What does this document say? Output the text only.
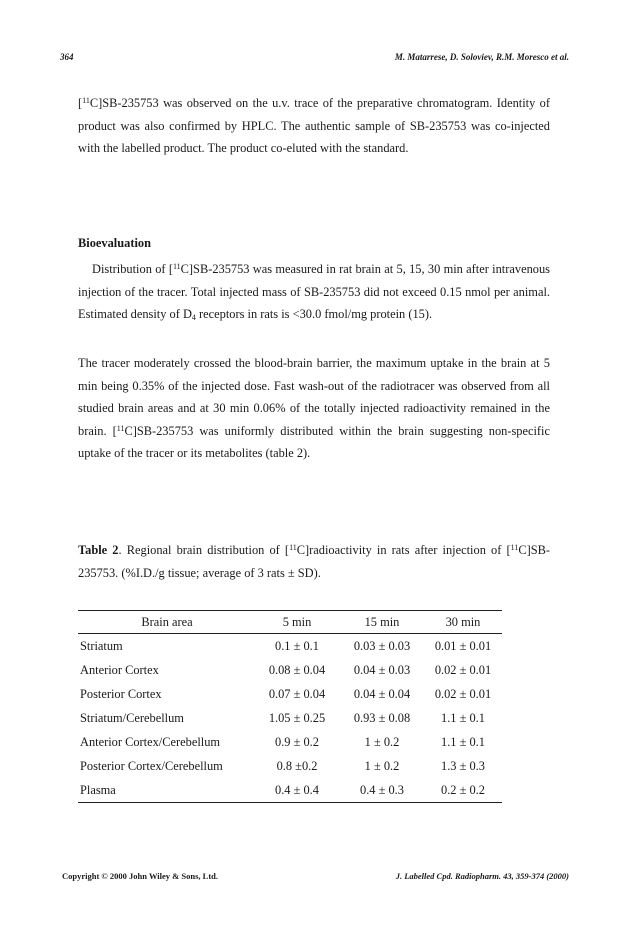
364	M. Matarrese, D. Soloviev, R.M. Moresco et al.
[$^{11}$C]SB-235753 was observed on the u.v. trace of the preparative chromatogram. Identity of product was also confirmed by HPLC. The authentic sample of SB-235753 was co-injected with the labelled product. The product co-eluted with the standard.
Bioevaluation
Distribution of [$^{11}$C]SB-235753 was measured in rat brain at 5, 15, 30 min after intravenous injection of the tracer. Total injected mass of SB-235753 did not exceed 0.15 nmol per animal. Estimated density of $D_4$ receptors in rats is <30.0 fmol/mg protein (15).
The tracer moderately crossed the blood-brain barrier, the maximum uptake in the brain at 5 min being 0.35% of the injected dose. Fast wash-out of the radiotracer was observed from all studied brain areas and at 30 min 0.06% of the totally injected radioactivity remained in the brain. [$^{11}$C]SB-235753 was uniformly distributed within the brain suggesting non-specific uptake of the tracer or its metabolites (table 2).
Table 2. Regional brain distribution of [$^{11}$C]radioactivity in rats after injection of [$^{11}$C]SB-235753. (%I.D./g tissue; average of 3 rats ± SD).
Brain area	5 min	15 min	30 min
Striatum	0.1 ± 0.1	0.03 ± 0.03	0.01 ± 0.01
Anterior Cortex	0.08 ± 0.04	0.04 ± 0.03	0.02 ± 0.01
Posterior Cortex	0.07 ± 0.04	0.04 ± 0.04	0.02 ± 0.01
Striatum/Cerebellum	1.05 ± 0.25	0.93 ± 0.08	1.1 ± 0.1
Anterior Cortex/Cerebellum	0.9 ± 0.2	1 ± 0.2	1.1 ± 0.1
Posterior Cortex/Cerebellum	0.8 ±0.2	1 ± 0.2	1.3 ± 0.3
Plasma	0.4 ± 0.4	0.4 ± 0.3	0.2 ± 0.2
Copyright © 2000 John Wiley & Sons, Ltd.	J. Labelled Cpd. Radiopharm. 43, 359-374 (2000)
